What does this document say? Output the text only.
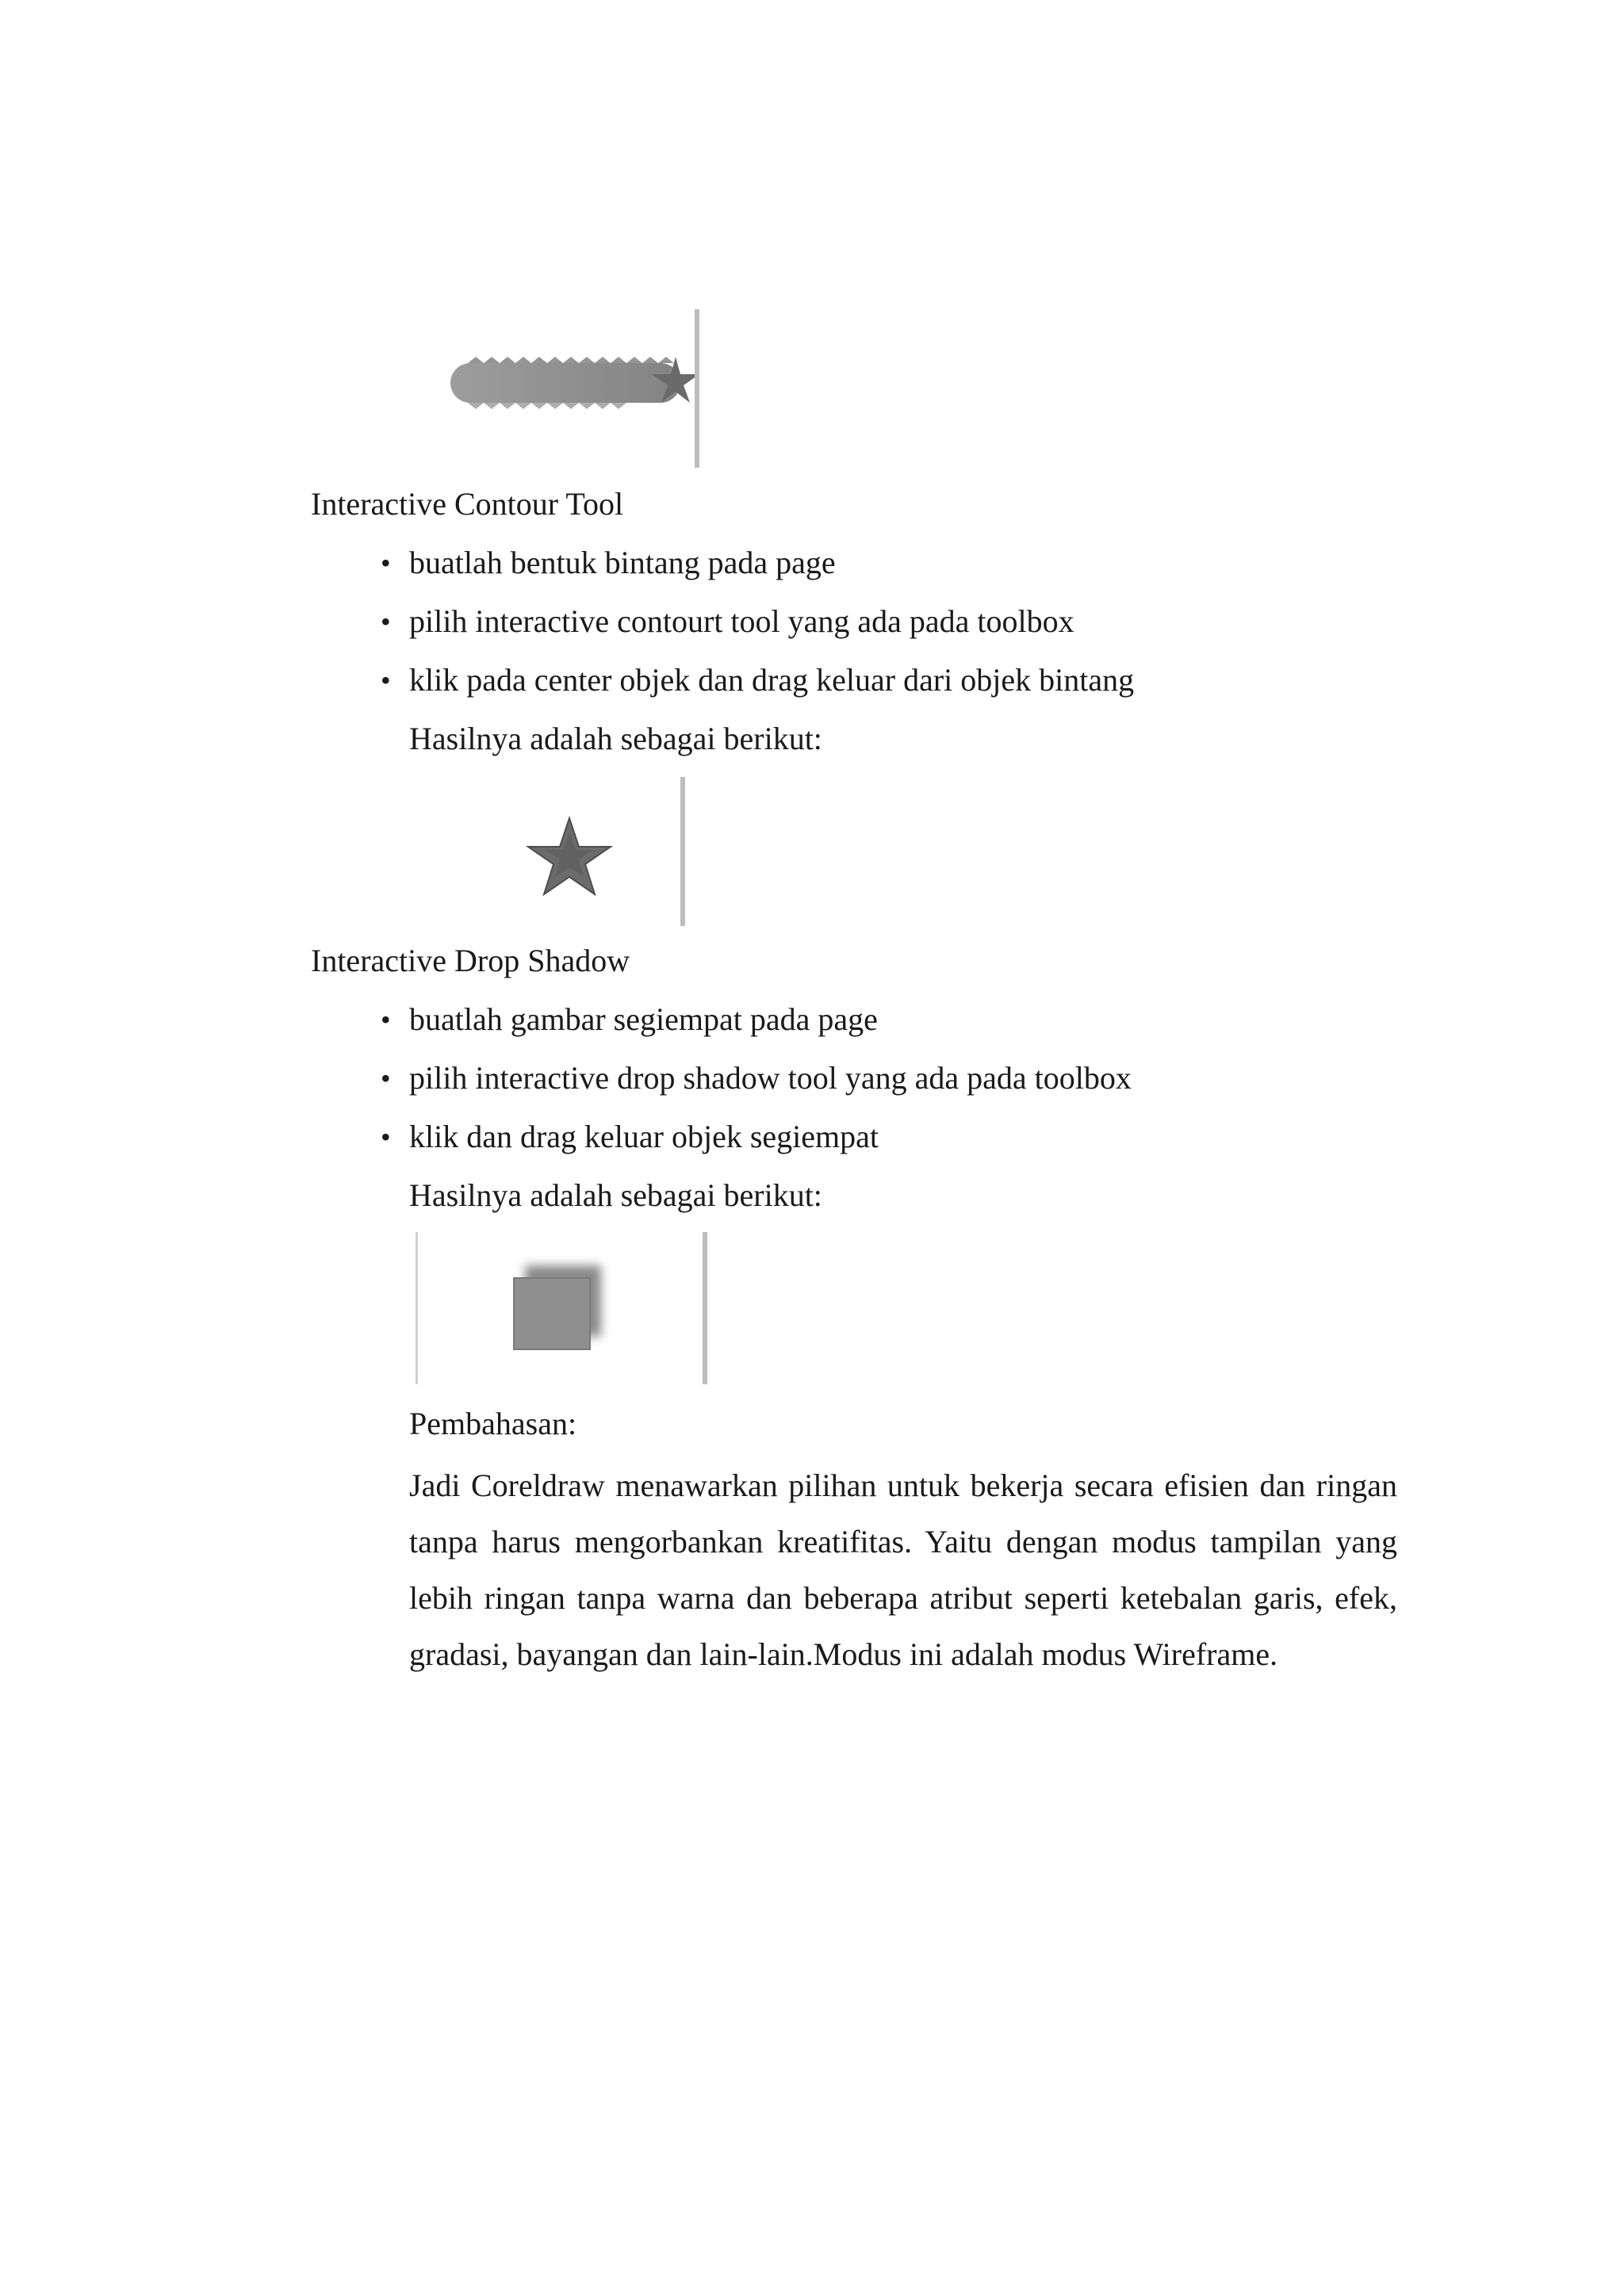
Interactive Contour Tool
• buatlah bentuk bintang pada page
• pilih interactive contourt tool yang ada pada toolbox
• klik pada center objek dan drag keluar dari objek bintang
Hasilnya adalah sebagai berikut:
Interactive Drop Shadow
• buatlah gambar segiempat pada page
• pilih interactive drop shadow tool yang ada pada toolbox
• klik dan drag keluar objek segiempat
Hasilnya adalah sebagai berikut:
Pembahasan:
Jadi Coreldraw menawarkan pilihan untuk bekerja secara efisien dan ringan tanpa harus mengorbankan kreatifitas. Yaitu dengan modus tampilan yang lebih ringan tanpa warna dan beberapa atribut seperti ketebalan garis, efek, gradasi, bayangan dan lain-lain.Modus ini adalah modus Wireframe.
